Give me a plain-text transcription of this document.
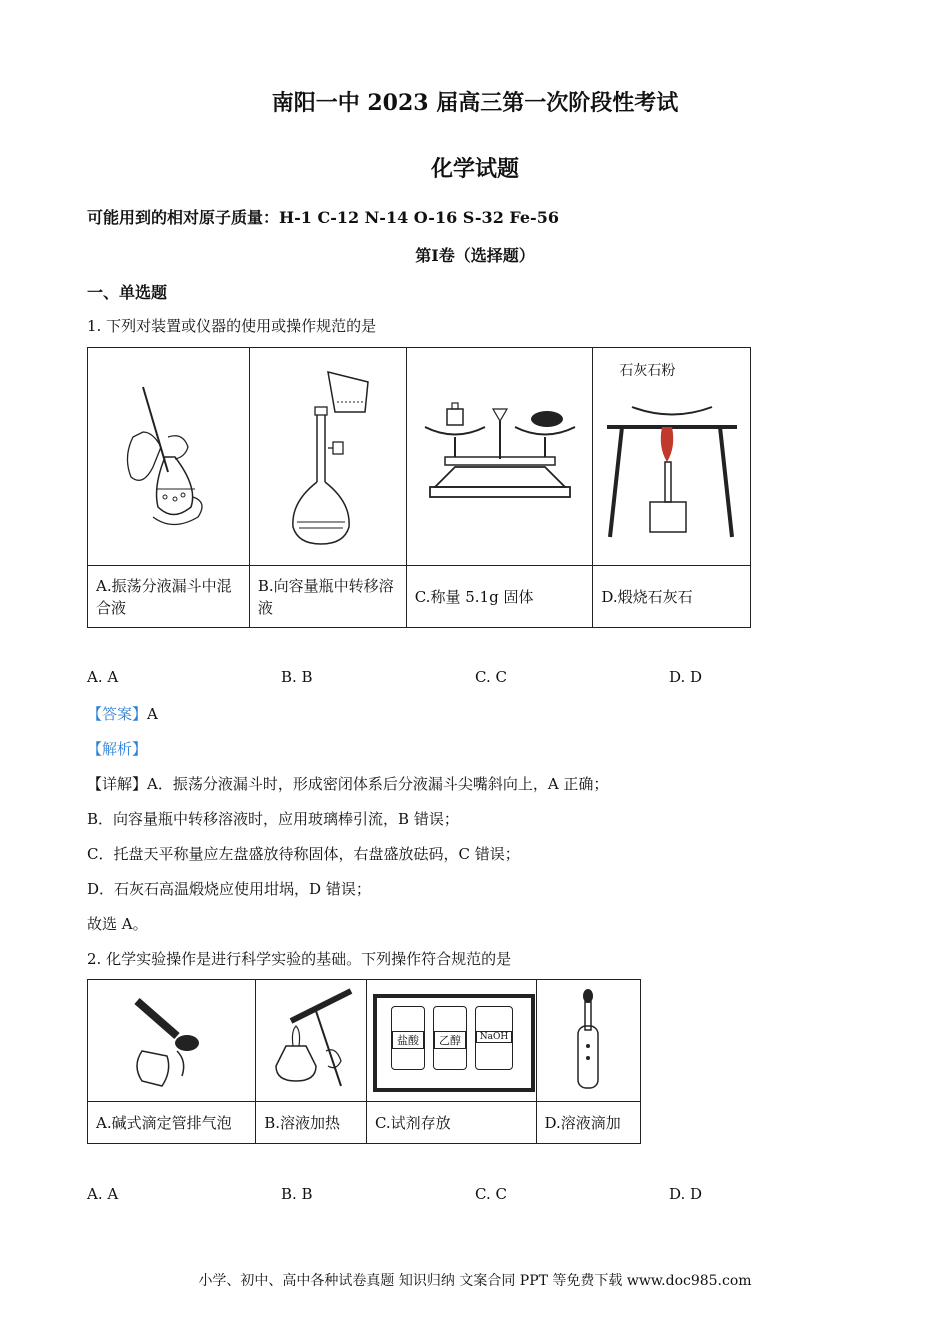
南阳一中 2023 届高三第一次阶段性考试
化学试题
可能用到的相对原子质量：H-1 C-12 N-14 O-16 S-32 Fe-56
第I卷（选择题）
一、单选题
1. 下列对装置或仪器的使用或操作规范的是

石灰石粉

A.振荡分液漏斗中混合液	B.向容量瓶中转移溶液	C.称量 5.1g 固体	D.煅烧石灰石
A. A	B. B	C. C	D. D
【答案】A
【解析】
【详解】A．振荡分液漏斗时，形成密闭体系后分液漏斗尖嘴斜向上，A 正确；
B．向容量瓶中转移溶液时，应用玻璃棒引流，B 错误；
C．托盘天平称量应左盘盛放待称固体，右盘盛放砝码，C 错误；
D．石灰石高温煅烧应使用坩埚，D 错误；
故选 A。
2. 化学实验操作是进行科学实验的基础。下列操作符合规范的是

盐酸 乙醇 NaOH

A.碱式滴定管排气泡	B.溶液加热	C.试剂存放	D.溶液滴加
A. A	B. B	C. C	D. D
小学、初中、高中各种试卷真题 知识归纳 文案合同 PPT 等免费下载 www.doc985.com
